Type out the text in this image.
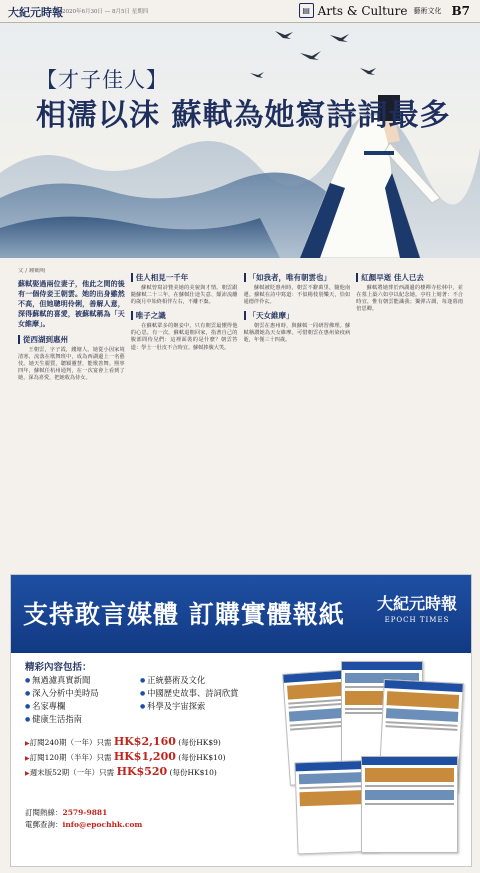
大紀元時報 2020年6月30日 — 8月5日 星期四	▤ Arts & Culture 藝術文化 B7
【才子佳人】
相濡以沫 蘇軾為她寫詩詞最多
文 / 鍾鶴鳴
蘇軾娶過兩位妻子，他此之間的後有一個侍妾王朝雲。她的出身雖然不高，但她聰明伶俐，善解人意，深得蘇軾的喜愛，被蘇軾稱為「天女維摩」。
從西湖到惠州

王朝雲，字子霞，錢塘人。她從小因家境清寒，流落在歌舞班中，成為西湖邊上一名藝伎。她天生麗質，聰穎靈慧，能歌善舞。熙寧四年，蘇軾任杭州通判，在一次宴會上看到了她，深為喜愛，把她收為侍女。

佳人相見一千年

蘇軾曾寫詩贊美她的美貌與才情。朝雲跟隨蘇軾二十三年，在蘇軾仕途失意、顛沛流離的歲月中始終相伴左右，不離不棄。

唯子之識

在蘇軾眾多的姬妾中，只有朝雲最懂得他的心思。有一次，蘇軾退朝回家，指著自己的腹部問侍兒們：這裡面裝的是什麼？朝雲答道：學士一肚皮不合時宜。蘇軾捧腹大笑。

「如我者，唯有朝雲也」

蘇軾被貶惠州時，朝雲不辭萬里，隨他南遷。蘇軾在詩中寫道：不似楊枝別樂天，恰如通德伴伶玄。

「天女維摩」

朝雲在惠州時，與蘇軾一同研習佛理。蘇軾稱讚她為天女維摩。可惜朝雲在惠州染疫病逝，年僅三十四歲。

紅顏早逝 佳人已去

蘇軾將她葬於西湖邊的棲禪寺松林中，並在墓上築六如亭以紀念她。亭柱上刻著：不合時宜，惟有朝雲能識我；獨彈古調，每逢暮雨倍思卿。

支持敢言媒體 訂購實體報紙 大紀元時報
EPOCH TIMES
精彩內容包括：
● 無過濾真實新聞	● 正統藝術及文化
● 深入分析中美時局	● 中國歷史故事、詩詞欣賞
● 名家專欄	● 科學及宇宙探索
● 健康生活指南
▶訂閱240期（一年）只需 HK$2,160 (每份HK$9)
▶訂閱120期（半年）只需 HK$1,200 (每份HK$10)
▶週末版52期（一年）只需 HK$520 (每份HK$10)
訂閱熱線：2579-9881
電郵查詢：info@epochhk.com
